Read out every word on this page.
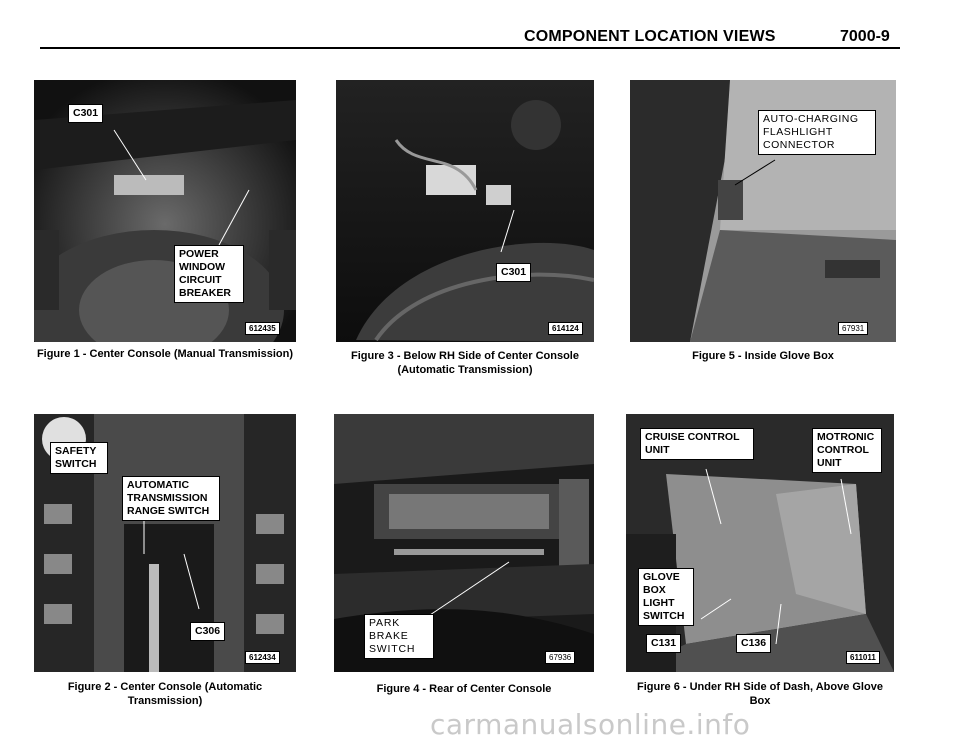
COMPONENT LOCATION VIEWS	7000-9
C301
POWER WINDOW CIRCUIT BREAKER
612435
Figure 1 - Center Console (Manual Transmission)
C301
614124
Figure 3 - Below RH Side of Center Console
(Automatic Transmission)
AUTO-CHARGING FLASHLIGHT CONNECTOR
67931
Figure 5 - Inside Glove Box
SAFETY SWITCH
AUTOMATIC TRANSMISSION RANGE SWITCH
C306
612434
Figure 2 - Center Console (Automatic
Transmission)
PARK BRAKE SWITCH
67936
Figure 4 - Rear of Center Console
CRUISE CONTROL UNIT
MOTRONIC CONTROL UNIT
GLOVE BOX LIGHT SWITCH
C131	C136
611011
Figure 6 - Under RH Side of Dash, Above Glove
Box
carmanualsonline.info
